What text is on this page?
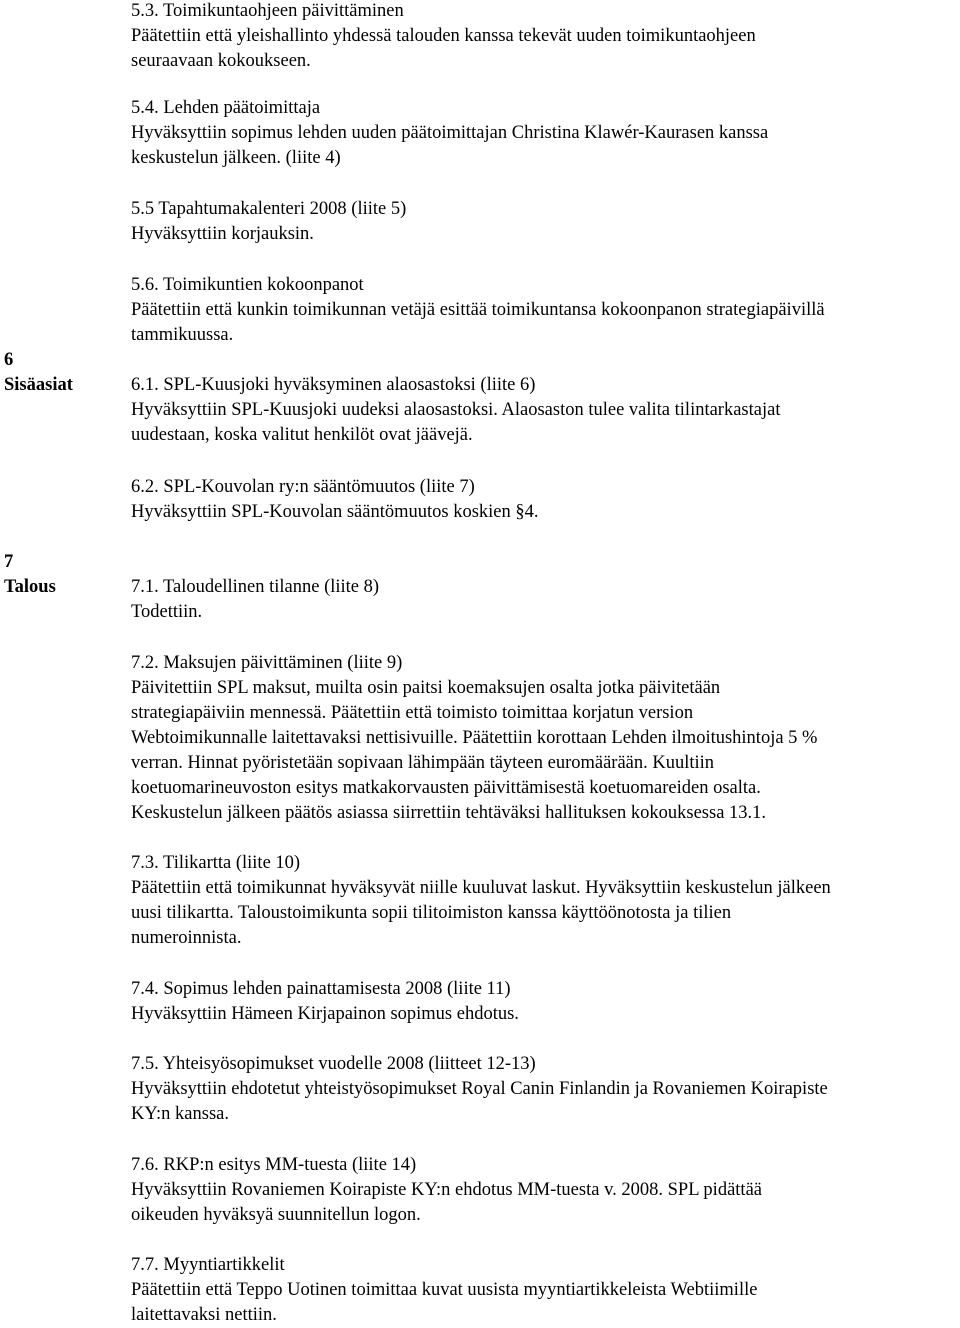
5.3. Toimikuntaohjeen päivittäminen
Päätettiin että yleishallinto yhdessä talouden kanssa tekevät uuden toimikuntaohjeen
seuraavaan kokoukseen.
5.4. Lehden päätoimittaja
Hyväksyttiin sopimus lehden uuden päätoimittajan Christina Klawér-Kaurasen kanssa
keskustelun jälkeen. (liite 4)
5.5 Tapahtumakalenteri 2008 (liite 5)
Hyväksyttiin korjauksin.
5.6. Toimikuntien kokoonpanot
Päätettiin että kunkin toimikunnan vetäjä esittää toimikuntansa kokoonpanon strategiapäivillä
tammikuussa.
6
Sisäasiat	6.1. SPL-Kuusjoki hyväksyminen alaosastoksi (liite 6)
Hyväksyttiin SPL-Kuusjoki uudeksi alaosastoksi. Alaosaston tulee valita tilintarkastajat
uudestaan, koska valitut henkilöt ovat jäävejä.
6.2. SPL-Kouvolan ry:n sääntömuutos (liite 7)
Hyväksyttiin SPL-Kouvolan sääntömuutos koskien §4.
7
Talous	7.1. Taloudellinen tilanne (liite 8)
Todettiin.
7.2. Maksujen päivittäminen (liite 9)
Päivitettiin SPL maksut, muilta osin paitsi koemaksujen osalta jotka päivitetään
strategiapäiviin mennessä. Päätettiin että toimisto toimittaa korjatun version
Webtoimikunnalle laitettavaksi nettisivuille. Päätettiin korottaan Lehden ilmoitushintoja 5 %
verran. Hinnat pyöristetään sopivaan lähimpään täyteen euromäärään. Kuultiin
koetuomarineuvoston esitys matkakorvausten päivittämisestä koetuomareiden osalta.
Keskustelun jälkeen päätös asiassa siirrettiin tehtäväksi hallituksen kokouksessa 13.1.
7.3. Tilikartta (liite 10)
Päätettiin että toimikunnat hyväksyvät niille kuuluvat laskut. Hyväksyttiin keskustelun jälkeen
uusi tilikartta. Taloustoimikunta sopii tilitoimiston kanssa käyttöönotosta ja tilien
numeroinnista.
7.4. Sopimus lehden painattamisesta 2008 (liite 11)
Hyväksyttiin Hämeen Kirjapainon sopimus ehdotus.
7.5. Yhteisyösopimukset vuodelle 2008 (liitteet 12-13)
Hyväksyttiin ehdotetut yhteistyösopimukset Royal Canin Finlandin ja Rovaniemen Koirapiste
KY:n kanssa.
7.6. RKP:n esitys MM-tuesta (liite 14)
Hyväksyttiin Rovaniemen Koirapiste KY:n ehdotus MM-tuesta v. 2008. SPL pidättää
oikeuden hyväksyä suunnitellun logon.
7.7. Myyntiartikkelit
Päätettiin että Teppo Uotinen toimittaa kuvat uusista myyntiartikkeleista Webtiimille
laitettavaksi nettiin.
